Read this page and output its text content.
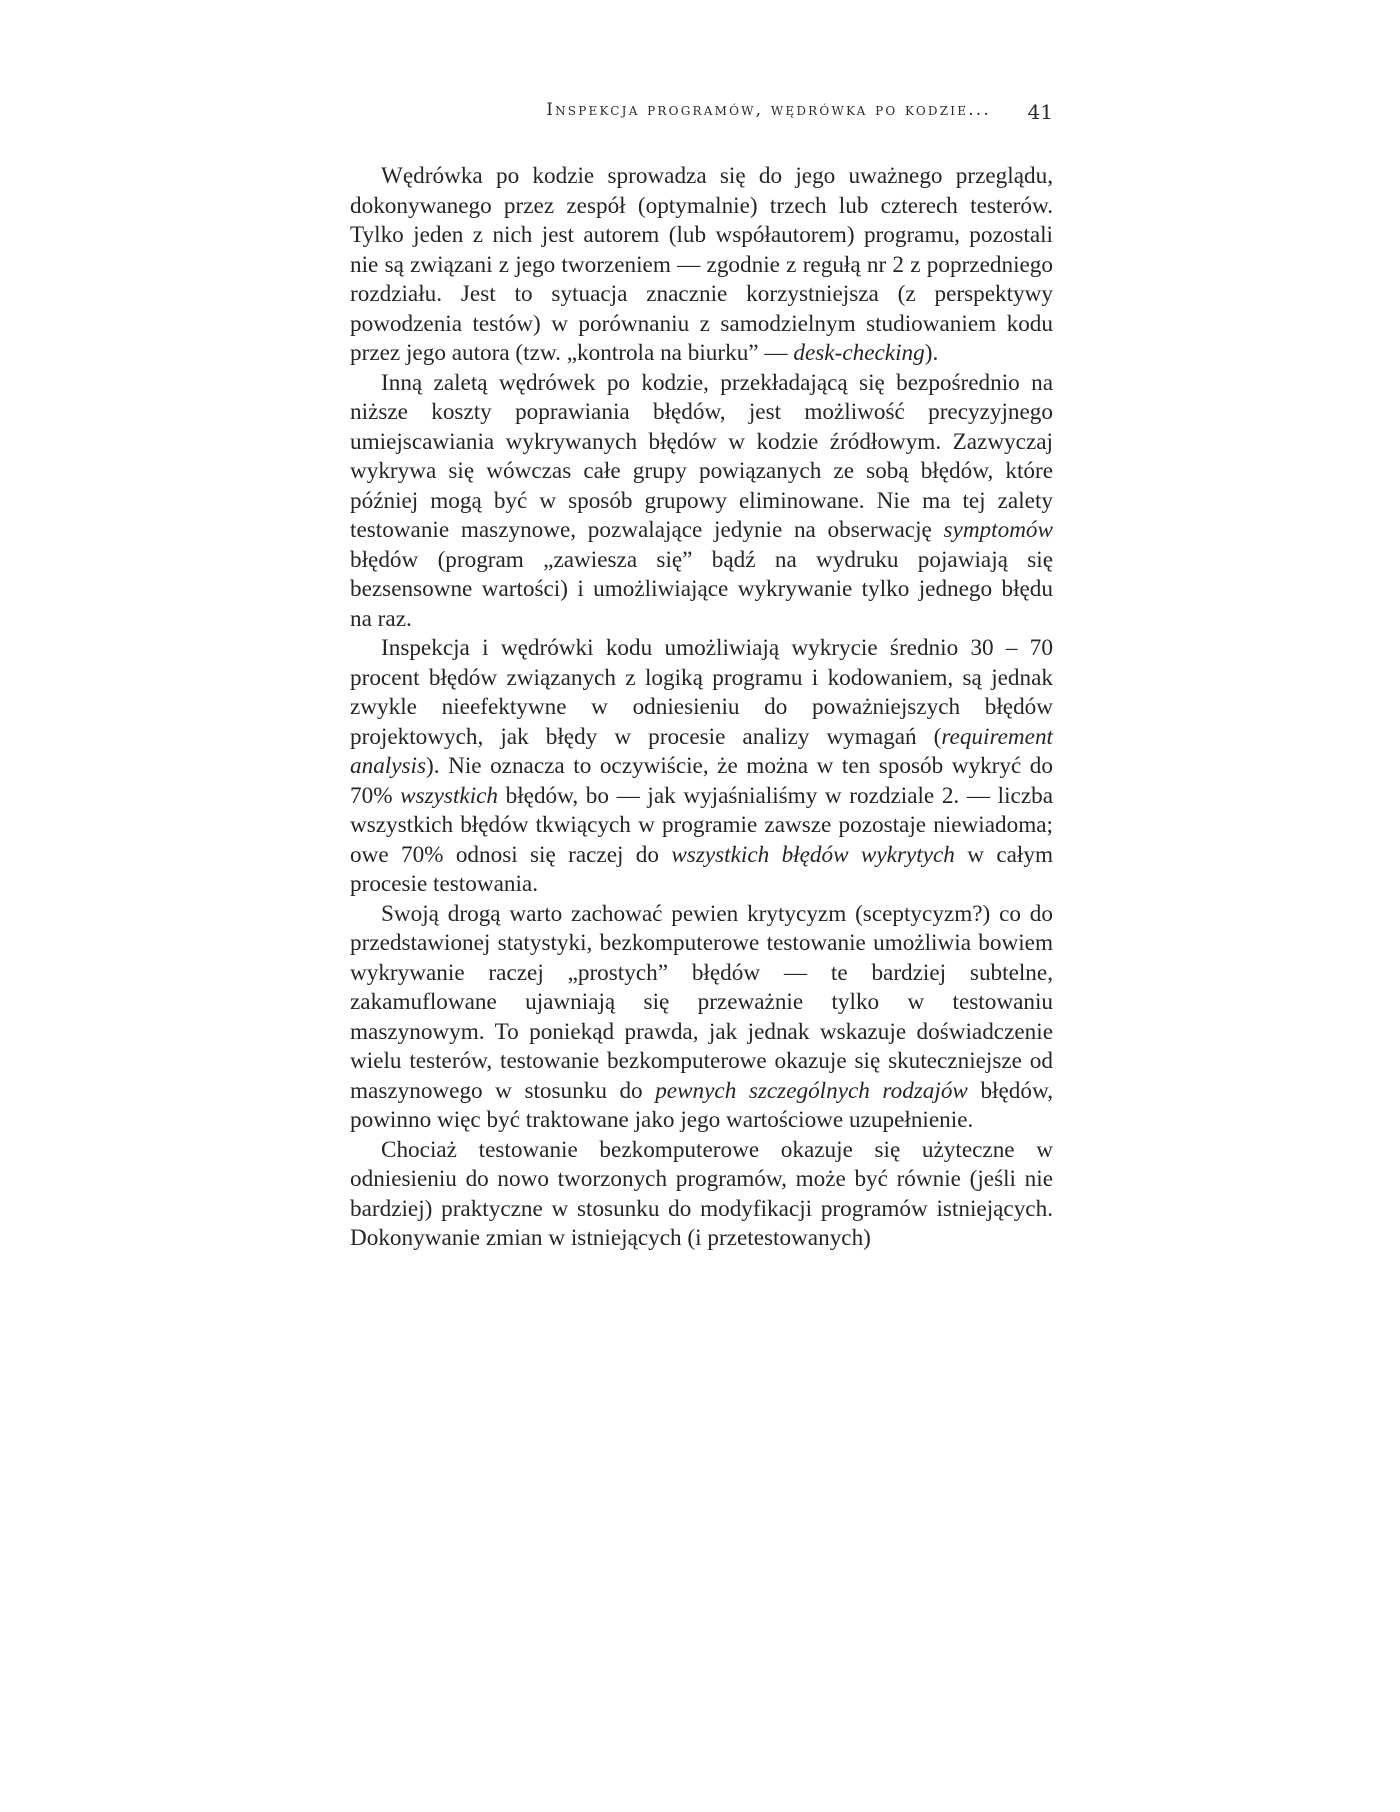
Inspekcja programów, wędrówka po kodzie... 41

Wędrówka po kodzie sprowadza się do jego uważnego przeglądu, dokonywanego przez zespół (optymalnie) trzech lub czterech testerów. Tylko jeden z nich jest autorem (lub współautorem) programu, pozostali nie są związani z jego tworzeniem — zgodnie z regułą nr 2 z poprzedniego rozdziału. Jest to sytuacja znacznie korzystniejsza (z perspektywy powodzenia testów) w porównaniu z samodzielnym studiowaniem kodu przez jego autora (tzw. „kontrola na biurku” — desk-checking).

Inną zaletą wędrówek po kodzie, przekładającą się bezpośrednio na niższe koszty poprawiania błędów, jest możliwość precyzyjnego umiejscawiania wykrywanych błędów w kodzie źródłowym. Zazwyczaj wykrywa się wówczas całe grupy powiązanych ze sobą błędów, które później mogą być w sposób grupowy eliminowane. Nie ma tej zalety testowanie maszynowe, pozwalające jedynie na obserwację symptomów błędów (program „zawiesza się” bądź na wydruku pojawiają się bezsensowne wartości) i umożliwiające wykrywanie tylko jednego błędu na raz.

Inspekcja i wędrówki kodu umożliwiają wykrycie średnio 30 – 70 procent błędów związanych z logiką programu i kodowaniem, są jednak zwykle nieefektywne w odniesieniu do poważniejszych błędów projektowych, jak błędy w procesie analizy wymagań (requirement analysis). Nie oznacza to oczywiście, że można w ten sposób wykryć do 70% wszystkich błędów, bo — jak wyjaśnialiśmy w rozdziale 2. — liczba wszystkich błędów tkwiących w programie zawsze pozostaje niewiadoma; owe 70% odnosi się raczej do wszystkich błędów wykrytych w całym procesie testowania.

Swoją drogą warto zachować pewien krytycyzm (sceptycyzm?) co do przedstawionej statystyki, bezkomputerowe testowanie umożliwia bowiem wykrywanie raczej „prostych” błędów — te bardziej subtelne, zakamuflowane ujawniają się przeważnie tylko w testowaniu maszynowym. To poniekąd prawda, jak jednak wskazuje doświadczenie wielu testerów, testowanie bezkomputerowe okazuje się skuteczniejsze od maszynowego w stosunku do pewnych szczególnych rodzajów błędów, powinno więc być traktowane jako jego wartościowe uzupełnienie.

Chociaż testowanie bezkomputerowe okazuje się użyteczne w odniesieniu do nowo tworzonych programów, może być równie (jeśli nie bardziej) praktyczne w stosunku do modyfikacji programów istniejących. Dokonywanie zmian w istniejących (i przetestowanych)
